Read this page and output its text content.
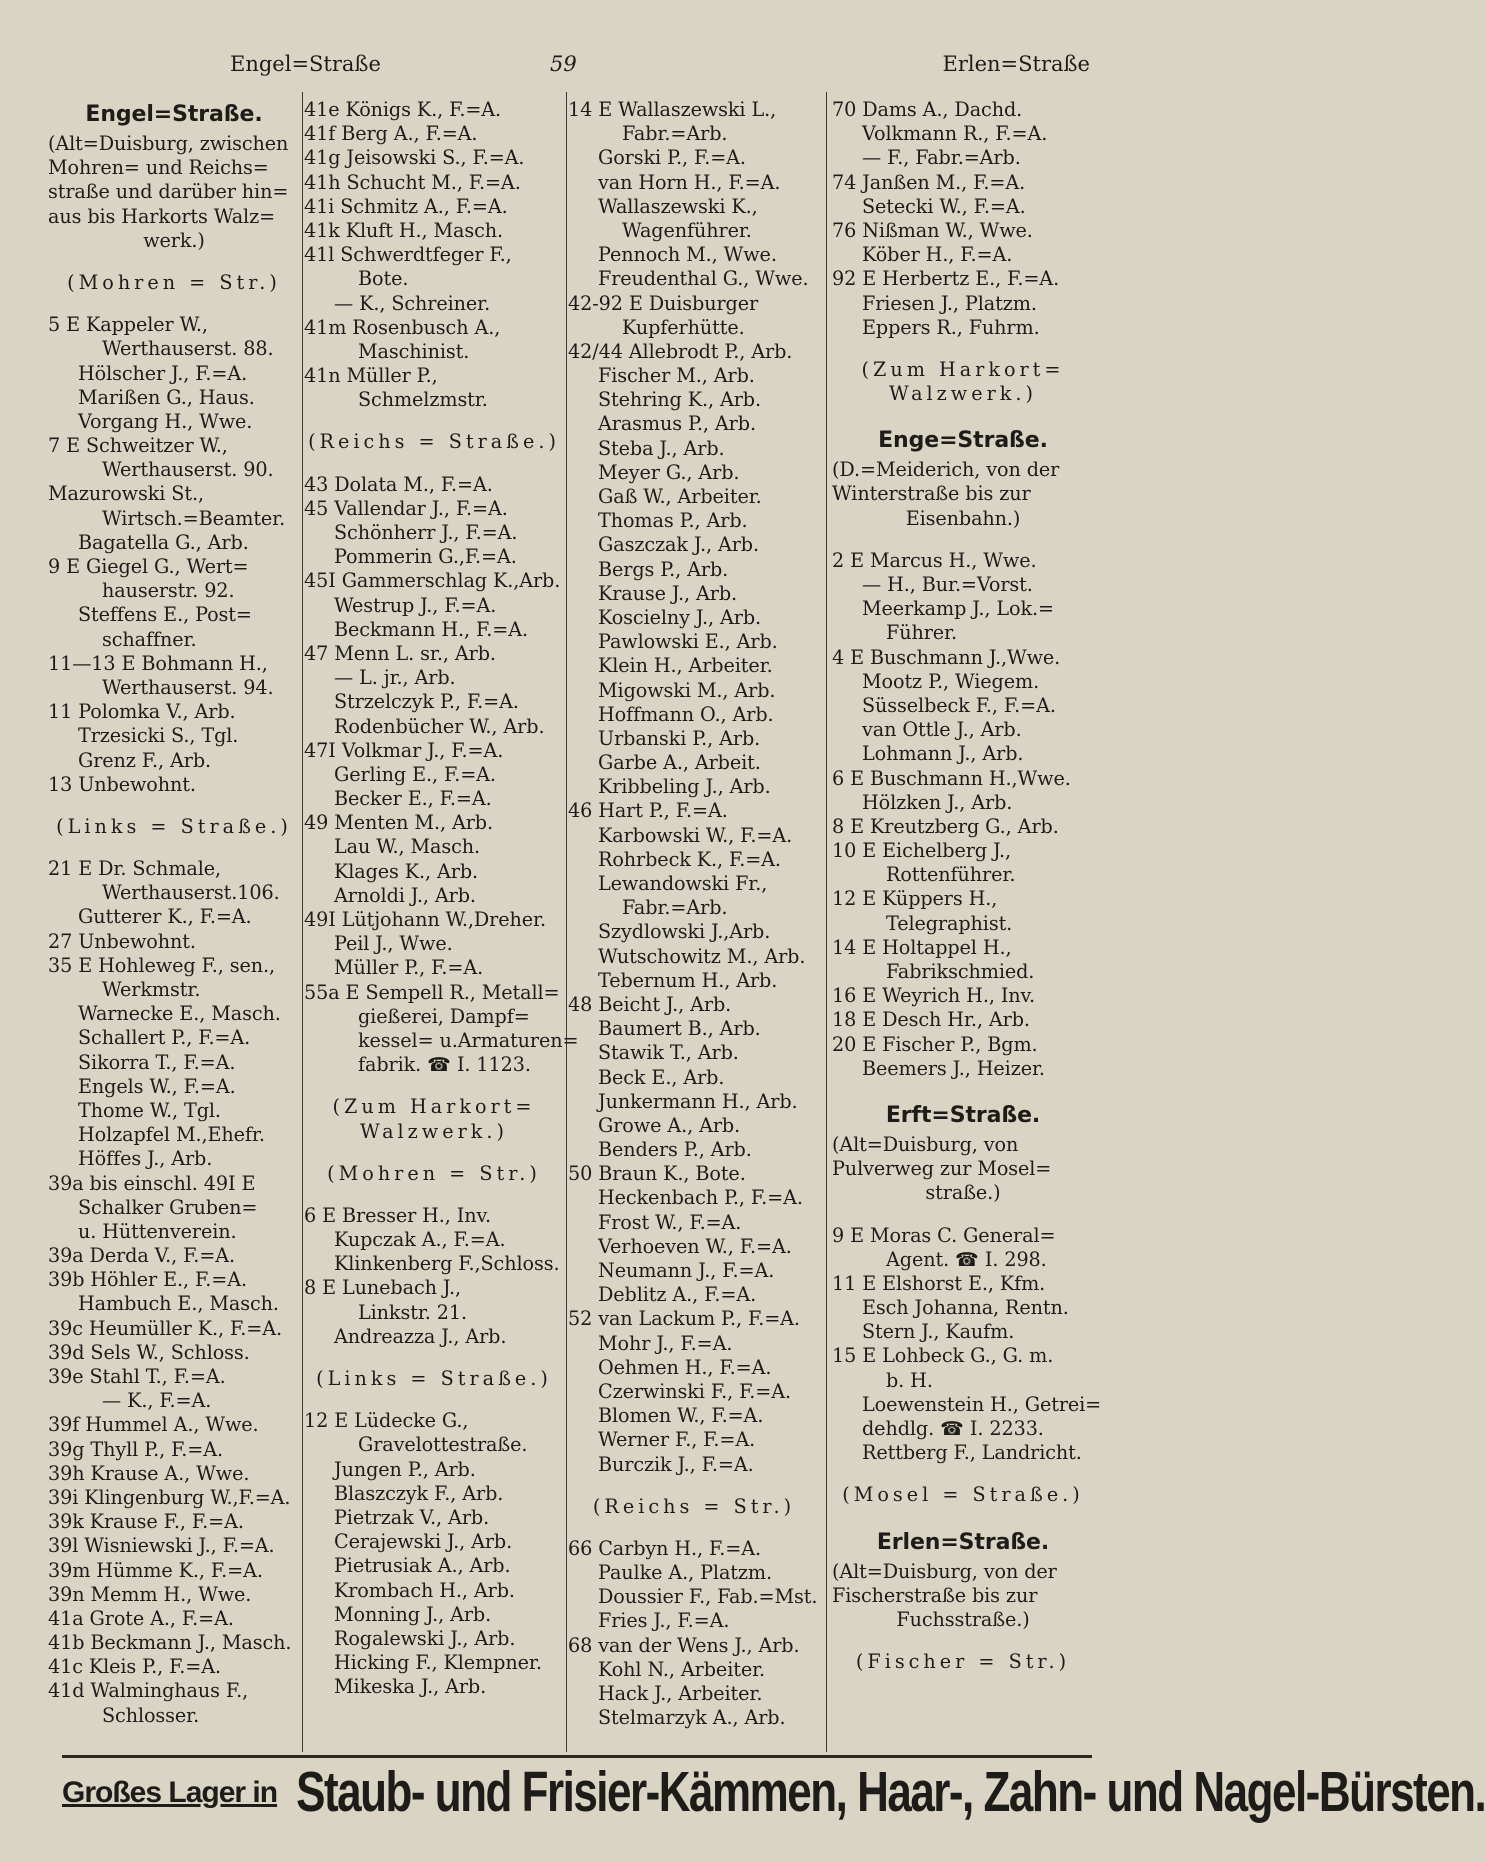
Engel=Straße	59	Erlen=Straße
Engel=Straße.
(Alt=Duisburg, zwischen
Mohren= und Reichs=
straße und darüber hin=
aus bis Harkorts Walz=
werk.)
(Mohren = Str.)
5 E Kappeler W.,
Werthauserst. 88.
Hölscher J., F.=A.
Marißen G., Haus.
Vorgang H., Wwe.
7 E Schweitzer W.,
Werthauserst. 90.
Mazurowski St.,
Wirtsch.=Beamter.
Bagatella G., Arb.
9 E Giegel G., Wert=
hauserstr. 92.
Steffens E., Post=
schaffner.
11—13 E Bohmann H.,
Werthauserst. 94.
11 Polomka V., Arb.
Trzesicki S., Tgl.
Grenz F., Arb.
13 Unbewohnt.
(Links = Straße.)
21 E Dr. Schmale,
Werthauserst.106.
Gutterer K., F.=A.
27 Unbewohnt.
35 E Hohleweg F., sen.,
Werkmstr.
Warnecke E., Masch.
Schallert P., F.=A.
Sikorra T., F.=A.
Engels W., F.=A.
Thome W., Tgl.
Holzapfel M.,Ehefr.
Höffes J., Arb.
39a bis einschl. 49I E
Schalker Gruben=
u. Hüttenverein.
39a Derda V., F.=A.
39b Höhler E., F.=A.
Hambuch E., Masch.
39c Heumüller K., F.=A.
39d Sels W., Schloss.
39e Stahl T., F.=A.
— K., F.=A.
39f Hummel A., Wwe.
39g Thyll P., F.=A.
39h Krause A., Wwe.
39i Klingenburg W.,F.=A.
39k Krause F., F.=A.
39l Wisniewski J., F.=A.
39m Hümme K., F.=A.
39n Memm H., Wwe.
41a Grote A., F.=A.
41b Beckmann J., Masch.
41c Kleis P., F.=A.
41d Walminghaus F.,
Schlosser.
41e Königs K., F.=A.
41f Berg A., F.=A.
41g Jeisowski S., F.=A.
41h Schucht M., F.=A.
41i Schmitz A., F.=A.
41k Kluft H., Masch.
41l Schwerdtfeger F.,
Bote.
— K., Schreiner.
41m Rosenbusch A.,
Maschinist.
41n Müller P.,
Schmelzmstr.
(Reichs = Straße.)
43 Dolata M., F.=A.
45 Vallendar J., F.=A.
Schönherr J., F.=A.
Pommerin G.,F.=A.
45I Gammerschlag K.,Arb.
Westrup J., F.=A.
Beckmann H., F.=A.
47 Menn L. sr., Arb.
— L. jr., Arb.
Strzelczyk P., F.=A.
Rodenbücher W., Arb.
47I Volkmar J., F.=A.
Gerling E., F.=A.
Becker E., F.=A.
49 Menten M., Arb.
Lau W., Masch.
Klages K., Arb.
Arnoldi J., Arb.
49I Lütjohann W.,Dreher.
Peil J., Wwe.
Müller P., F.=A.
55a E Sempell R., Metall=
gießerei, Dampf=
kessel= u.Armaturen=
fabrik. ☎ I. 1123.
(Zum Harkort=
Walzwerk.)
(Mohren = Str.)
6 E Bresser H., Inv.
Kupczak A., F.=A.
Klinkenberg F.,Schloss.
8 E Lunebach J.,
Linkstr. 21.
Andreazza J., Arb.
(Links = Straße.)
12 E Lüdecke G.,
Gravelottestraße.
Jungen P., Arb.
Blaszczyk F., Arb.
Pietrzak V., Arb.
Cerajewski J., Arb.
Pietrusiak A., Arb.
Krombach H., Arb.
Monning J., Arb.
Rogalewski J., Arb.
Hicking F., Klempner.
Mikeska J., Arb.
14 E Wallaszewski L.,
Fabr.=Arb.
Gorski P., F.=A.
van Horn H., F.=A.
Wallaszewski K.,
Wagenführer.
Pennoch M., Wwe.
Freudenthal G., Wwe.
42-92 E Duisburger
Kupferhütte.
42/44 Allebrodt P., Arb.
Fischer M., Arb.
Stehring K., Arb.
Arasmus P., Arb.
Steba J., Arb.
Meyer G., Arb.
Gaß W., Arbeiter.
Thomas P., Arb.
Gaszczak J., Arb.
Bergs P., Arb.
Krause J., Arb.
Koscielny J., Arb.
Pawlowski E., Arb.
Klein H., Arbeiter.
Migowski M., Arb.
Hoffmann O., Arb.
Urbanski P., Arb.
Garbe A., Arbeit.
Kribbeling J., Arb.
46 Hart P., F.=A.
Karbowski W., F.=A.
Rohrbeck K., F.=A.
Lewandowski Fr.,
Fabr.=Arb.
Szydlowski J.,Arb.
Wutschowitz M., Arb.
Tebernum H., Arb.
48 Beicht J., Arb.
Baumert B., Arb.
Stawik T., Arb.
Beck E., Arb.
Junkermann H., Arb.
Growe A., Arb.
Benders P., Arb.
50 Braun K., Bote.
Heckenbach P., F.=A.
Frost W., F.=A.
Verhoeven W., F.=A.
Neumann J., F.=A.
Deblitz A., F.=A.
52 van Lackum P., F.=A.
Mohr J., F.=A.
Oehmen H., F.=A.
Czerwinski F., F.=A.
Blomen W., F.=A.
Werner F., F.=A.
Burczik J., F.=A.
(Reichs = Str.)
66 Carbyn H., F.=A.
Paulke A., Platzm.
Doussier F., Fab.=Mst.
Fries J., F.=A.
68 van der Wens J., Arb.
Kohl N., Arbeiter.
Hack J., Arbeiter.
Stelmarzyk A., Arb.
70 Dams A., Dachd.
Volkmann R., F.=A.
— F., Fabr.=Arb.
74 Janßen M., F.=A.
Setecki W., F.=A.
76 Nißman W., Wwe.
Köber H., F.=A.
92 E Herbertz E., F.=A.
Friesen J., Platzm.
Eppers R., Fuhrm.
(Zum Harkort=
Walzwerk.)
Enge=Straße.
(D.=Meiderich, von der
Winterstraße bis zur
Eisenbahn.)
2 E Marcus H., Wwe.
— H., Bur.=Vorst.
Meerkamp J., Lok.=
Führer.
4 E Buschmann J.,Wwe.
Mootz P., Wiegem.
Süsselbeck F., F.=A.
van Ottle J., Arb.
Lohmann J., Arb.
6 E Buschmann H.,Wwe.
Hölzken J., Arb.
8 E Kreutzberg G., Arb.
10 E Eichelberg J.,
Rottenführer.
12 E Küppers H.,
Telegraphist.
14 E Holtappel H.,
Fabrikschmied.
16 E Weyrich H., Inv.
18 E Desch Hr., Arb.
20 E Fischer P., Bgm.
Beemers J., Heizer.
Erft=Straße.
(Alt=Duisburg, von
Pulverweg zur Mosel=
straße.)
9 E Moras C. General=
Agent. ☎ I. 298.
11 E Elshorst E., Kfm.
Esch Johanna, Rentn.
Stern J., Kaufm.
15 E Lohbeck G., G. m.
b. H.
Loewenstein H., Getrei=
dehdlg. ☎ I. 2233.
Rettberg F., Landricht.
(Mosel = Straße.)
Erlen=Straße.
(Alt=Duisburg, von der
Fischerstraße bis zur
Fuchsstraße.)
(Fischer = Str.)
Großes Lager in Staub- und Frisier-Kämmen, Haar-, Zahn- und Nagel-Bürsten.
